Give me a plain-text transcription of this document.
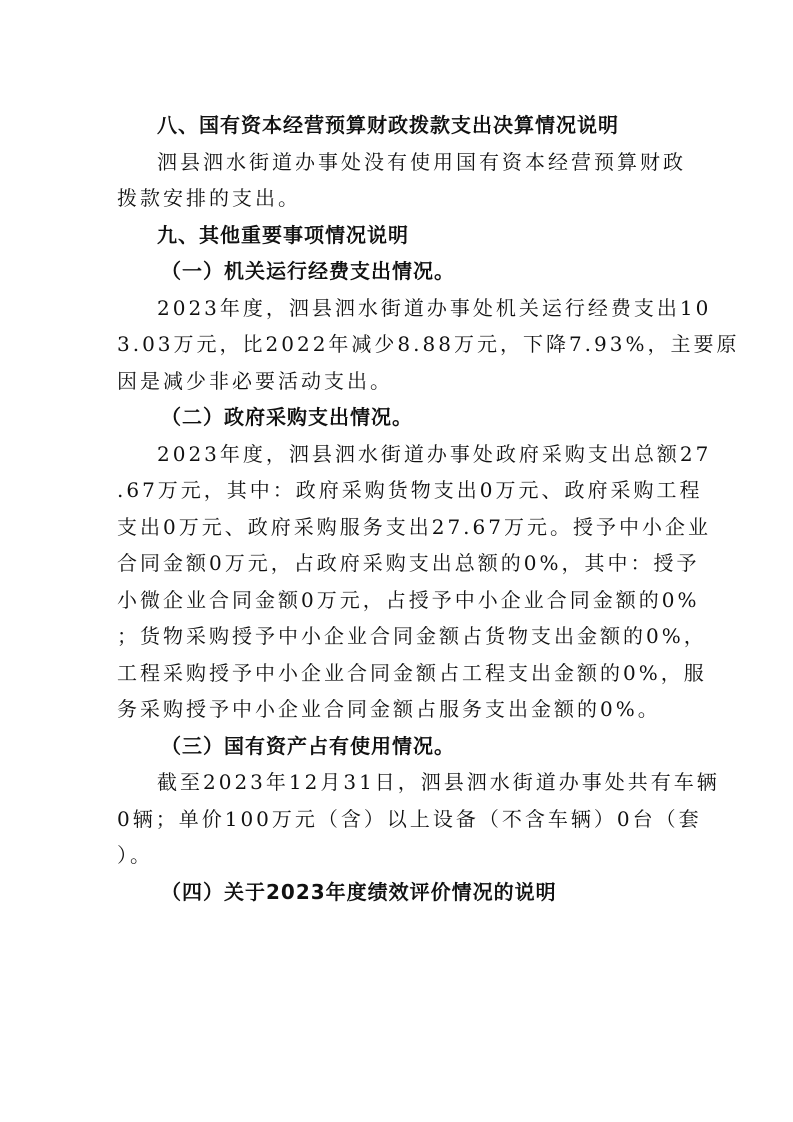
八、国有资本经营预算财政拨款支出决算情况说明
泗县泗水街道办事处没有使用国有资本经营预算财政
拨款安排的支出。
九、其他重要事项情况说明
（一）机关运行经费支出情况。
2023年度，泗县泗水街道办事处机关运行经费支出10
3.03万元，比2022年减少8.88万元，下降7.93%，主要原
因是减少非必要活动支出。
（二）政府采购支出情况。
2023年度，泗县泗水街道办事处政府采购支出总额27
.67万元，其中：政府采购货物支出0万元、政府采购工程
支出0万元、政府采购服务支出27.67万元。授予中小企业
合同金额0万元，占政府采购支出总额的0%，其中：授予
小微企业合同金额0万元，占授予中小企业合同金额的0%
；货物采购授予中小企业合同金额占货物支出金额的0%，
工程采购授予中小企业合同金额占工程支出金额的0%，服
务采购授予中小企业合同金额占服务支出金额的0%。
（三）国有资产占有使用情况。
截至2023年12月31日，泗县泗水街道办事处共有车辆
0辆；单价100万元（含）以上设备（不含车辆）0台（套
）。
（四）关于2023年度绩效评价情况的说明
